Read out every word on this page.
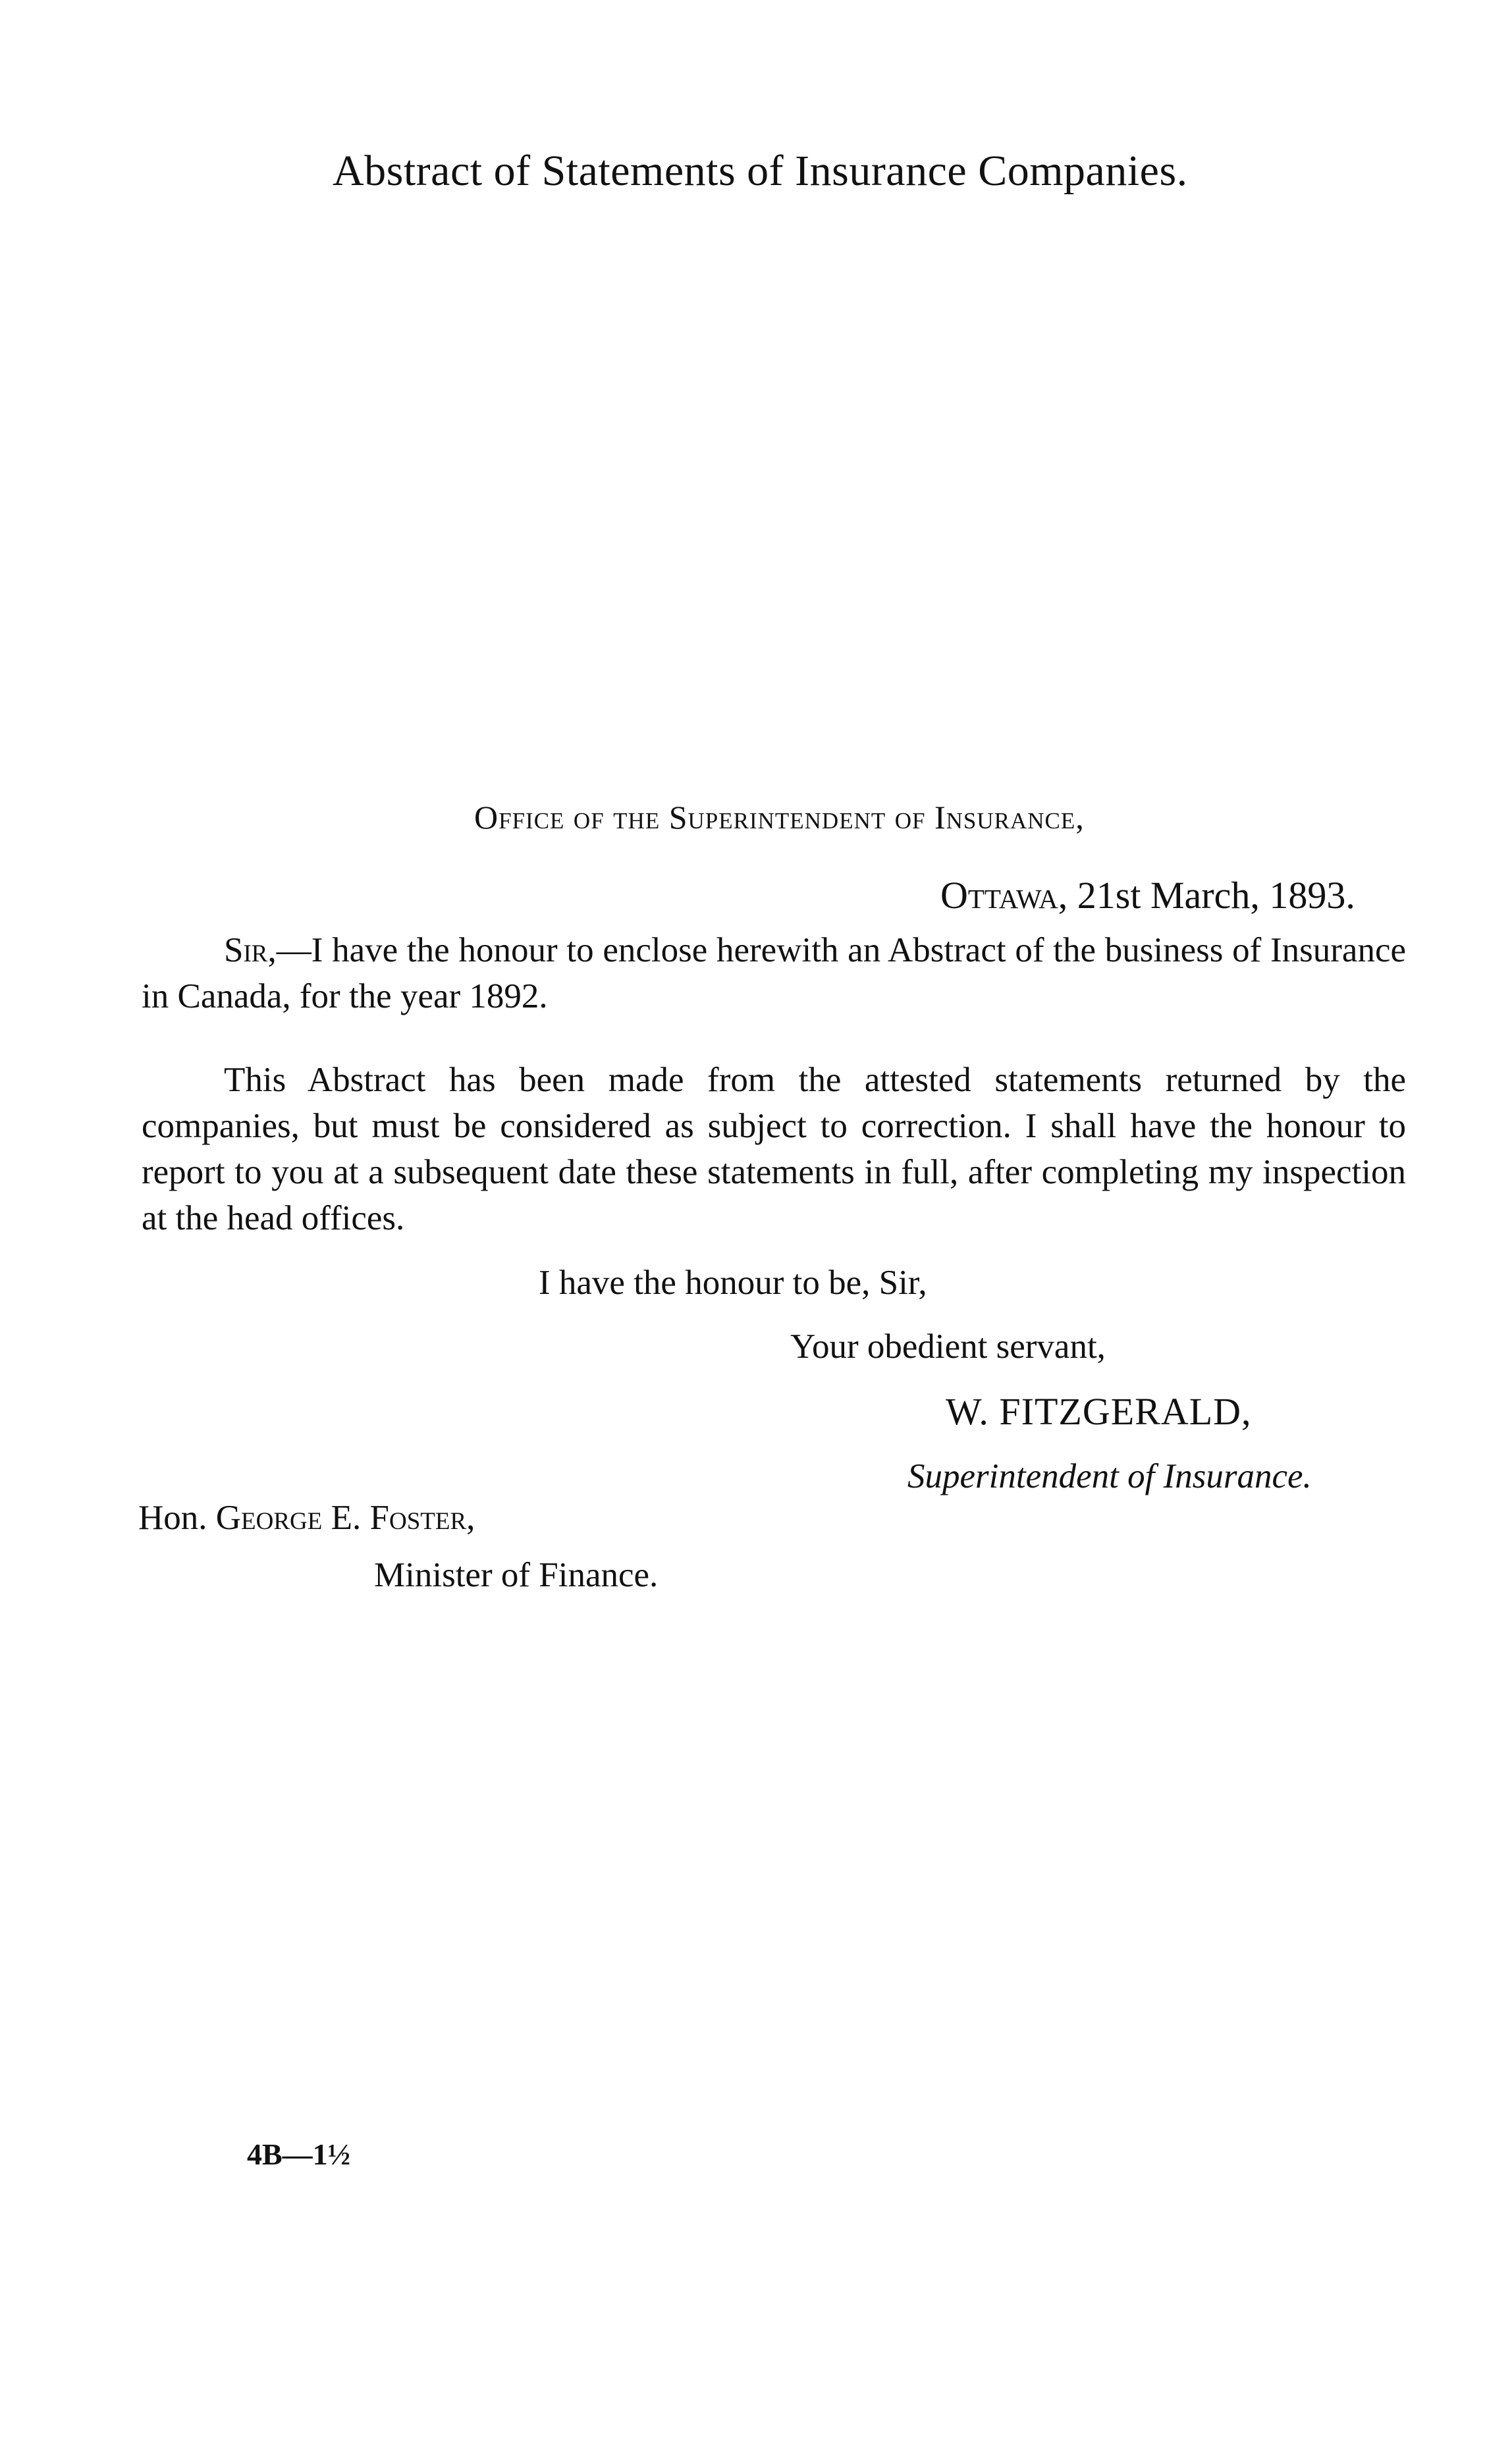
Abstract of Statements of Insurance Companies.
Office of the Superintendent of Insurance,
Ottawa, 21st March, 1893.
Sir,—I have the honour to enclose herewith an Abstract of the business of Insurance in Canada, for the year 1892.
This Abstract has been made from the attested statements returned by the companies, but must be considered as subject to correction. I shall have the honour to report to you at a subsequent date these statements in full, after completing my inspection at the head offices.
I have the honour to be, Sir,
Your obedient servant,
W. FITZGERALD,
Superintendent of Insurance.
Hon. George E. Foster,
Minister of Finance.
4B—1½
